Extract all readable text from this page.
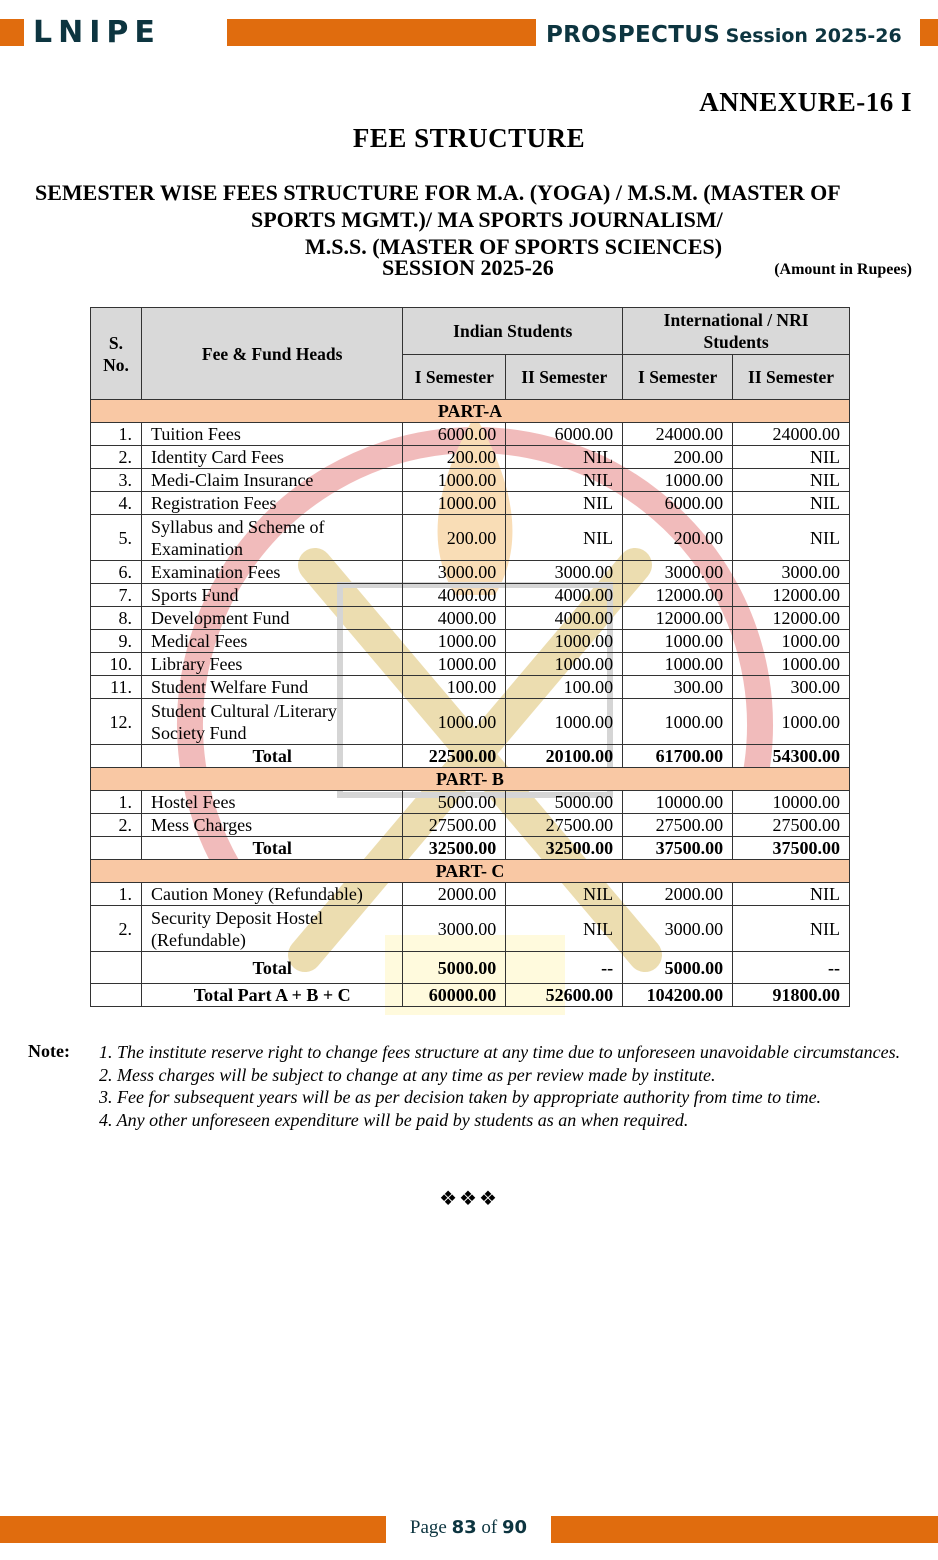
LNIPE	PROSPECTUS Session 2025-26
ANNEXURE-16 I
FEE STRUCTURE
SEMESTER WISE FEES STRUCTURE FOR M.A. (YOGA) / M.S.M. (MASTER OF
SPORTS MGMT.)/ MA SPORTS JOURNALISM/
M.S.S. (MASTER OF SPORTS SCIENCES)
SESSION 2025-26	(Amount in Rupees)
S. No.	Fee & Fund Heads	Indian Students		International / NRI Students	
		I Semester	II Semester	I Semester	II Semester
PART-A					
1.	Tuition Fees	6000.00	6000.00	24000.00	24000.00
2.	Identity Card Fees	200.00	NIL	200.00	NIL
3.	Medi-Claim Insurance	1000.00	NIL	1000.00	NIL
4.	Registration Fees	1000.00	NIL	6000.00	NIL
5.	Syllabus and Scheme of Examination	200.00	NIL	200.00	NIL
6.	Examination Fees	3000.00	3000.00	3000.00	3000.00
7.	Sports Fund	4000.00	4000.00	12000.00	12000.00
8.	Development Fund	4000.00	4000.00	12000.00	12000.00
9.	Medical Fees	1000.00	1000.00	1000.00	1000.00
10.	Library Fees	1000.00	1000.00	1000.00	1000.00
11.	Student Welfare Fund	100.00	100.00	300.00	300.00
12.	Student Cultural /Literary Society Fund	1000.00	1000.00	1000.00	1000.00
	Total	22500.00	20100.00	61700.00	54300.00
PART- B					
1.	Hostel Fees	5000.00	5000.00	10000.00	10000.00
2.	Mess Charges	27500.00	27500.00	27500.00	27500.00
	Total	32500.00	32500.00	37500.00	37500.00
PART- C					
1.	Caution Money (Refundable)	2000.00	NIL	2000.00	NIL
2.	Security Deposit Hostel (Refundable)	3000.00	NIL	3000.00	NIL
	Total	5000.00	--	5000.00	--
	Total Part A + B + C	60000.00	52600.00	104200.00	91800.00
Note: 1. The institute reserve right to change fees structure at any time due to unforeseen unavoidable circumstances.

2. Mess charges will be subject to change at any time as per review made by institute.

3. Fee for subsequent years will be as per decision taken by appropriate authority from time to time.

4. Any other unforeseen expenditure will be paid by students as an when required.

❖❖❖
Page 83 of 90
